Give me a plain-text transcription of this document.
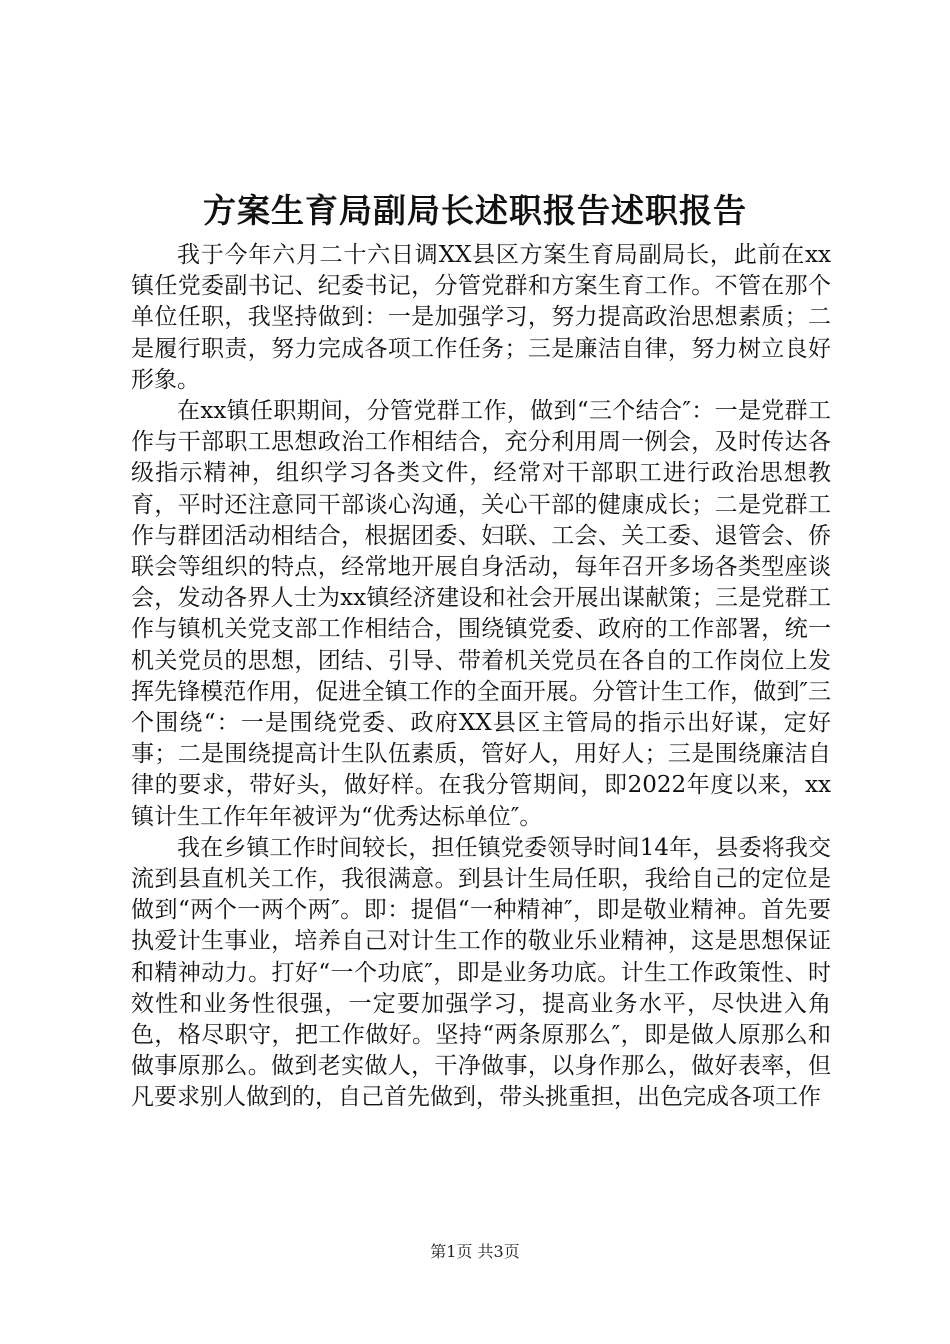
方案生育局副局长述职报告述职报告

我于今年六月二十六日调XX县区方案生育局副局长，此前在xx镇任党委副书记、纪委书记，分管党群和方案生育工作。不管在那个单位任职，我坚持做到：一是加强学习，努力提高政治思想素质；二是履行职责，努力完成各项工作任务；三是廉洁自律，努力树立良好形象。

在xx镇任职期间，分管党群工作，做到“三个结合″：一是党群工作与干部职工思想政治工作相结合，充分利用周一例会，及时传达各级指示精神，组织学习各类文件，经常对干部职工进行政治思想教育，平时还注意同干部谈心沟通，关心干部的健康成长；二是党群工作与群团活动相结合，根据团委、妇联、工会、关工委、退管会、侨联会等组织的特点，经常地开展自身活动，每年召开多场各类型座谈会，发动各界人士为xx镇经济建设和社会开展出谋献策；三是党群工作与镇机关党支部工作相结合，围绕镇党委、政府的工作部署，统一机关党员的思想，团结、引导、带着机关党员在各自的工作岗位上发挥先锋模范作用，促进全镇工作的全面开展。分管计生工作，做到″三个围绕“：一是围绕党委、政府XX县区主管局的指示出好谋，定好事；二是围绕提高计生队伍素质，管好人，用好人；三是围绕廉洁自律的要求，带好头，做好样。在我分管期间，即2022年度以来，xx镇计生工作年年被评为“优秀达标单位″。

我在乡镇工作时间较长，担任镇党委领导时间14年，县委将我交流到县直机关工作，我很满意。到县计生局任职，我给自己的定位是做到“两个一两个两″。即：提倡“一种精神″，即是敬业精神。首先要执爱计生事业，培养自己对计生工作的敬业乐业精神，这是思想保证和精神动力。打好“一个功底″，即是业务功底。计生工作政策性、时效性和业务性很强，一定要加强学习，提高业务水平，尽快进入角色，格尽职守，把工作做好。坚持“两条原那么″，即是做人原那么和做事原那么。做到老实做人，干净做事，以身作那么，做好表率，但凡要求别人做到的，自己首先做到，带头挑重担，出色完成各项工作

第1页 共3页
